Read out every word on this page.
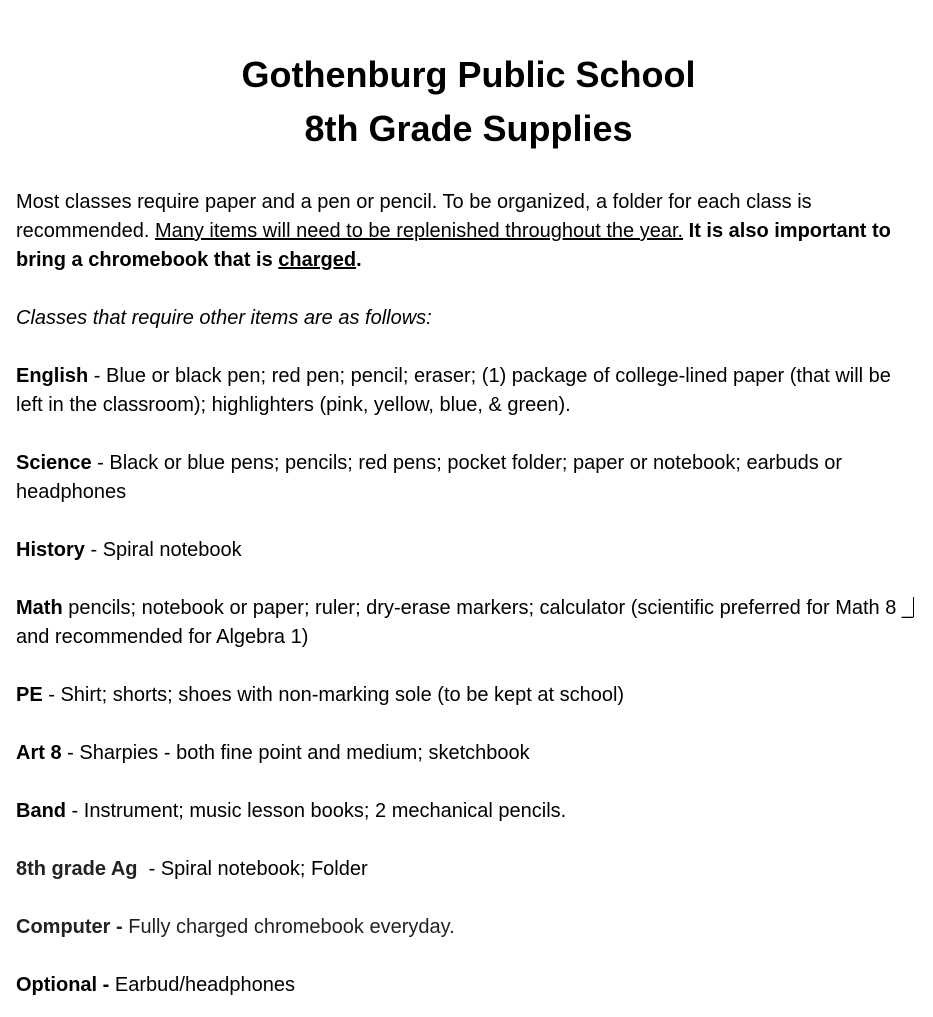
Gothenburg Public School
8th Grade Supplies

Most classes require paper and a pen or pencil. To be organized, a folder for each class is recommended. Many items will need to be replenished throughout the year. It is also important to bring a chromebook that is charged.

Classes that require other items are as follows:

English - Blue or black pen; red pen; pencil; eraser; (1) package of college-lined paper (that will be left in the classroom); highlighters (pink, yellow, blue, & green).

Science - Black or blue pens; pencils; red pens; pocket folder; paper or notebook; earbuds or headphones

History - Spiral notebook

Math pencils; notebook or paper; ruler; dry-erase markers; calculator (scientific preferred for Math 8 _and recommended for Algebra 1)

PE - Shirt; shorts; shoes with non-marking sole (to be kept at school)

Art 8 - Sharpies - both fine point and medium; sketchbook

Band - Instrument; music lesson books; 2 mechanical pencils.

8th grade Ag  - Spiral notebook; Folder

Computer - Fully charged chromebook everyday.

Optional - Earbud/headphones
